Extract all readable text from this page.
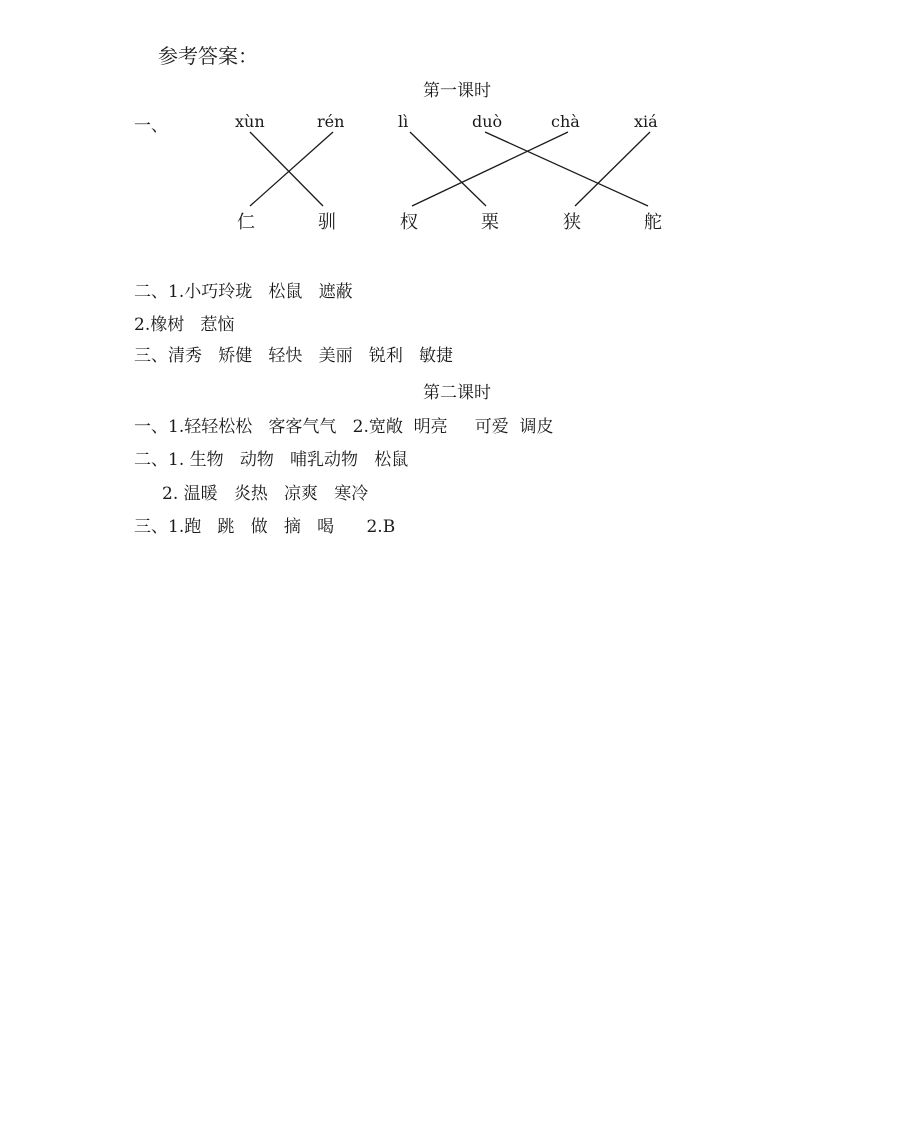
参考答案：
第一课时
一、	xùn	rén	lì	duò	chà	xiá
仁	驯	杈	栗	狭	舵
二、1.小巧玲珑   松鼠   遮蔽
2.橡树   惹恼
三、清秀   矫健   轻快   美丽   锐利   敏捷
第二课时
一、1.轻轻松松   客客气气   2.宽敞  明亮     可爱  调皮
二、1. 生物   动物   哺乳动物   松鼠
2. 温暖   炎热   凉爽   寒冷
三、1.跑   跳   做   摘   喝      2.B
